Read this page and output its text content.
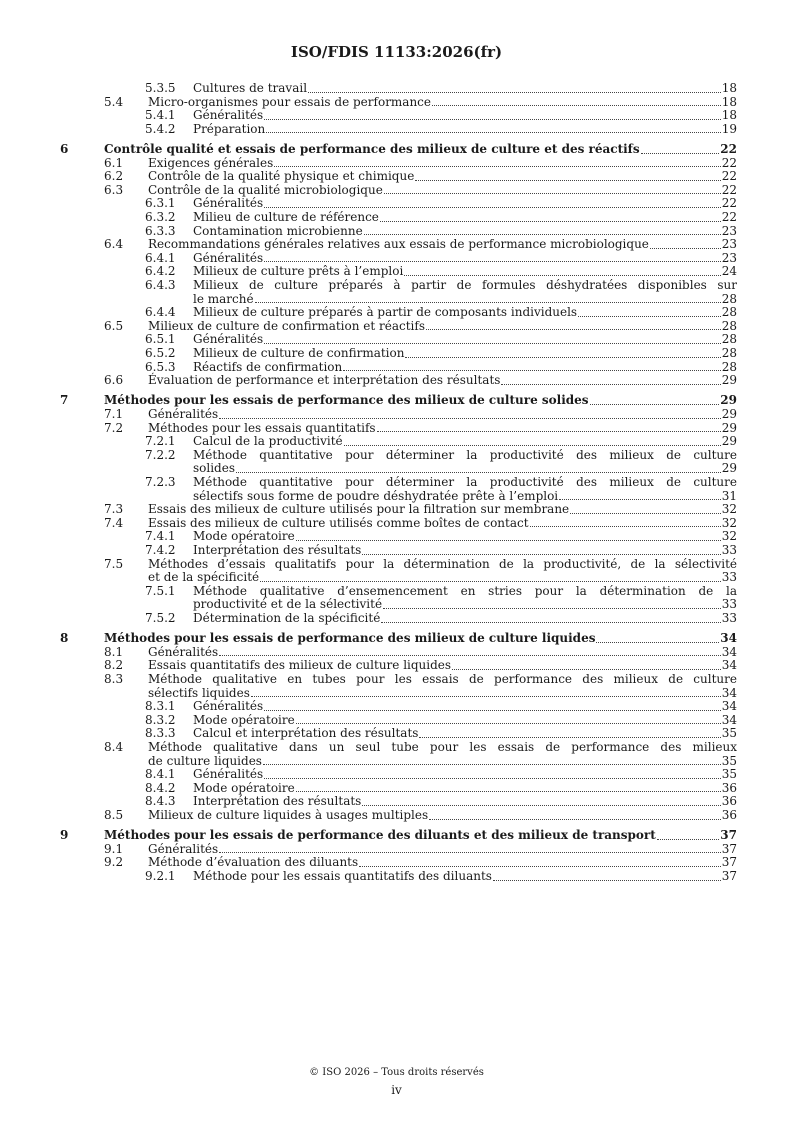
ISO/FDIS 11133:2026(fr)
5.3.5 Cultures de travail	18
5.4 Micro-organismes pour essais de performance	18
5.4.1 Généralités	18
5.4.2 Préparation	19
6	Contrôle qualité et essais de performance des milieux de culture et des réactifs	22
6.1 Exigences générales	22
6.2 Contrôle de la qualité physique et chimique	22
6.3 Contrôle de la qualité microbiologique	22
6.3.1 Généralités	22
6.3.2 Milieu de culture de référence	22
6.3.3 Contamination microbienne	23
6.4 Recommandations générales relatives aux essais de performance microbiologique	23
6.4.1 Généralités	23
6.4.2 Milieux de culture prêts à l’emploi	24
6.4.3 Milieux de culture préparés à partir de formules déshydratées disponibles sur
le marché	28
6.4.4 Milieux de culture préparés à partir de composants individuels	28
6.5 Milieux de culture de confirmation et réactifs	28
6.5.1 Généralités	28
6.5.2 Milieux de culture de confirmation	28
6.5.3 Réactifs de confirmation	28
6.6 Évaluation de performance et interprétation des résultats	29
7	Méthodes pour les essais de performance des milieux de culture solides	29
7.1 Généralités	29
7.2 Méthodes pour les essais quantitatifs	29
7.2.1 Calcul de la productivité	29
7.2.2 Méthode quantitative pour déterminer la productivité des milieux de culture
solides	29
7.2.3 Méthode quantitative pour déterminer la productivité des milieux de culture
sélectifs sous forme de poudre déshydratée prête à l’emploi	31
7.3 Essais des milieux de culture utilisés pour la filtration sur membrane	32
7.4 Essais des milieux de culture utilisés comme boîtes de contact	32
7.4.1 Mode opératoire	32
7.4.2 Interprétation des résultats	33
7.5 Méthodes d’essais qualitatifs pour la détermination de la productivité, de la sélectivité
et de la spécificité	33
7.5.1 Méthode qualitative d’ensemencement en stries pour la détermination de la
productivité et de la sélectivité	33
7.5.2 Détermination de la spécificité	33
8	Méthodes pour les essais de performance des milieux de culture liquides	34
8.1 Généralités	34
8.2 Essais quantitatifs des milieux de culture liquides	34
8.3 Méthode qualitative en tubes pour les essais de performance des milieux de culture
sélectifs liquides	34
8.3.1 Généralités	34
8.3.2 Mode opératoire	34
8.3.3 Calcul et interprétation des résultats	35
8.4 Méthode qualitative dans un seul tube pour les essais de performance des milieux
de culture liquides	35
8.4.1 Généralités	35
8.4.2 Mode opératoire	36
8.4.3 Interprétation des résultats	36
8.5 Milieux de culture liquides à usages multiples	36
9	Méthodes pour les essais de performance des diluants et des milieux de transport	37
9.1 Généralités	37
9.2 Méthode d’évaluation des diluants	37
9.2.1 Méthode pour les essais quantitatifs des diluants	37
© ISO 2026 – Tous droits réservés
iv
